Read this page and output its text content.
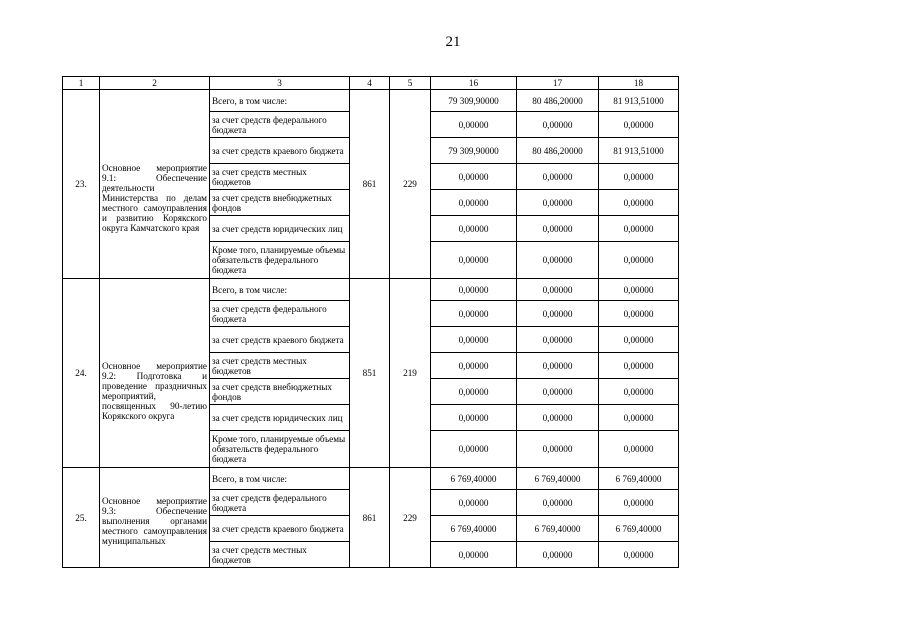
21
1	2	3	4	5	16	17	18
23.	Основное мероприятие 9.1: Обеспечение деятельности Министерства по делам местного самоуправления и развитию Корякского округа Камчатского края	Всего, в том числе:	861	229	79 309,90000	80 486,20000	81 913,51000
		за счет средств федерального бюджета			0,00000	0,00000	0,00000
		за счет средств краевого бюджета			79 309,90000	80 486,20000	81 913,51000
		за счет средств местных бюджетов			0,00000	0,00000	0,00000
		за счет средств внебюджетных фондов			0,00000	0,00000	0,00000
		за счет средств юридических лиц			0,00000	0,00000	0,00000
		Кроме того, планируемые объемы обязательств федерального бюджета			0,00000	0,00000	0,00000
24.	Основное мероприятие 9.2: Подготовка и проведение праздничных мероприятий, посвященных 90-летию Корякского округа	Всего, в том числе:	851	219	0,00000	0,00000	0,00000
		за счет средств федерального бюджета			0,00000	0,00000	0,00000
		за счет средств краевого бюджета			0,00000	0,00000	0,00000
		за счет средств местных бюджетов			0,00000	0,00000	0,00000
		за счет средств внебюджетных фондов			0,00000	0,00000	0,00000
		за счет средств юридических лиц			0,00000	0,00000	0,00000
		Кроме того, планируемые объемы обязательств федерального бюджета			0,00000	0,00000	0,00000
25.	Основное мероприятие 9.3: Обеспечение выполнения органами местного самоуправления муниципальных	Всего, в том числе:	861	229	6 769,40000	6 769,40000	6 769,40000
		за счет средств федерального бюджета			0,00000	0,00000	0,00000
		за счет средств краевого бюджета			6 769,40000	6 769,40000	6 769,40000
		за счет средств местных бюджетов			0,00000	0,00000	0,00000
